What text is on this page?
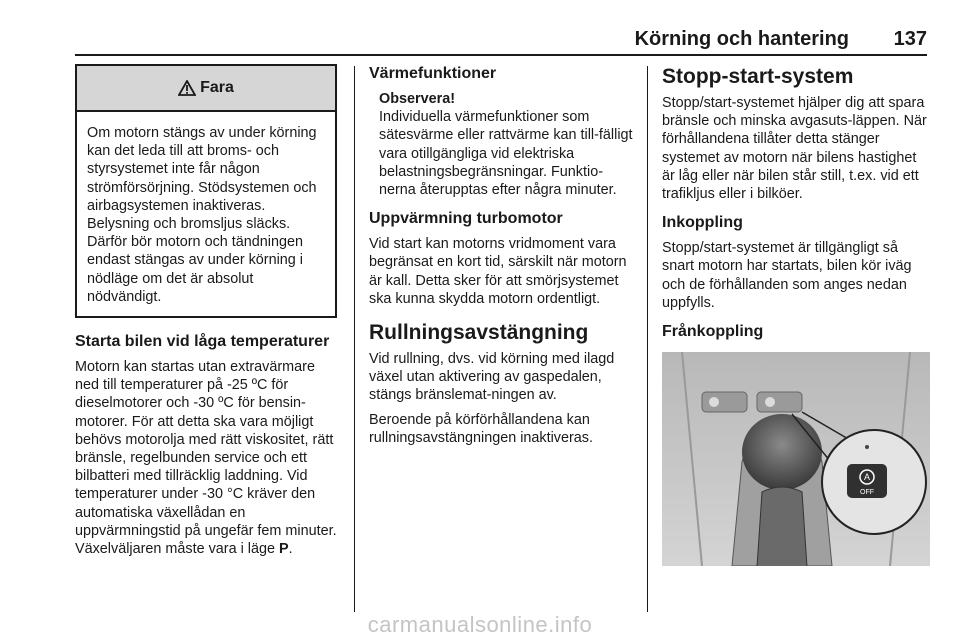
Körning och hantering 137
Fara
Om motorn stängs av under körning kan det leda till att broms- och styrsystemet inte får någon strömförsörjning. Stödsystemen och airbagsystemen inaktiveras. Belysning och bromsljus släcks. Därför bör motorn och tändningen endast stängas av under körning i nödläge om det är absolut nödvändigt.

Starta bilen vid låga temperaturer

Motorn kan startas utan extravärmare ned till temperaturer på -25 ºC för dieselmotorer och -30 ºC för bensin-motorer. För att detta ska vara möjligt behövs motorolja med rätt viskositet, rätt bränsle, regelbunden service och ett bilbatteri med tillräcklig laddning. Vid temperaturer under -30 °C kräver den automatiska växellådan en uppvärmningstid på ungefär fem minuter. Växelväljaren måste vara i läge P.

Värmefunktioner

Observera!

Individuella värmefunktioner som sätesvärme eller rattvärme kan till-fälligt vara otillgängliga vid elektriska belastningsbegränsningar. Funktio-nerna återupptas efter några minuter.

Uppvärmning turbomotor

Vid start kan motorns vridmoment vara begränsat en kort tid, särskilt när motorn är kall. Detta sker för att smörjsystemet ska kunna skydda motorn ordentligt.

Rullningsavstängning

Vid rullning, dvs. vid körning med ilagd växel utan aktivering av gaspedalen, stängs bränslemat-ningen av.

Beroende på körförhållandena kan rullningsavstängningen inaktiveras.

Stopp-start-system

Stopp/start-systemet hjälper dig att spara bränsle och minska avgasuts-läppen. När förhållandena tillåter detta stänger systemet av motorn när bilens hastighet är låg eller när bilen står still, t.ex. vid ett trafikljus eller i bilköer.

Inkoppling

Stopp/start-systemet är tillgängligt så snart motorn har startats, bilen kör iväg och de förhållanden som anges nedan uppfylls.

Frånkoppling

A
OFF
carmanualsonline.info
